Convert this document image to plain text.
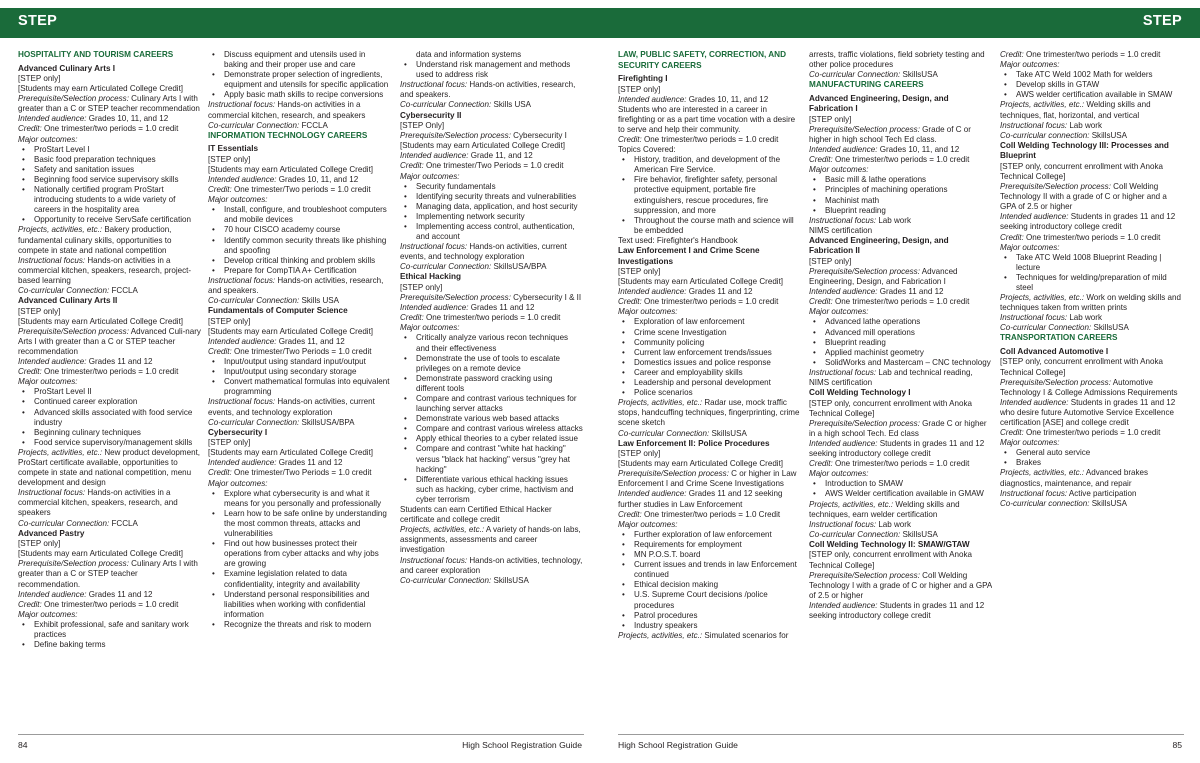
STEP

HOSPITALITY AND TOURISM CAREERS

Advanced Culinary Arts I

[STEP only]

[Students may earn Articulated College Credit]

Prerequisite/Selection process: Culinary Arts I with greater than a C or STEP teacher recommendation

Intended audience: Grades 10, 11, and 12

Credit: One trimester/two periods = 1.0 credit

Major outcomes:

• ProStart Level I
• Basic food preparation techniques
• Safety and sanitation issues
• Beginning food service supervisory skills
• Nationally certified program ProStart introducing students to a wide variety of careers in the hospitality area
• Opportunity to receive ServSafe certification

Projects, activities, etc.: Bakery production, fundamental culinary skills, opportunities to compete in state and national competition

Instructional focus: Hands-on activities in a commercial kitchen, speakers, research, project-based learning

Co-curricular Connection: FCCLA

Advanced Culinary Arts II

[STEP only]

[Students may earn Articulated College Credit]

Prerequisite/Selection process: Advanced Culi-nary Arts I with greater than a C or STEP teacher recommendation

Intended audience: Grades 11 and 12

Credit: One trimester/two periods = 1.0 credit

Major outcomes:

• ProStart Level II
• Continued career exploration
• Advanced skills associated with food service industry
• Beginning culinary techniques
• Food service supervisory/management skills

Projects, activities, etc.: New product development, ProStart certificate available, opportunities to compete in state and national competition, menu development and design

Instructional focus: Hands-on activities in a commercial kitchen, speakers, research, and speakers

Co-curricular Connection: FCCLA

Advanced Pastry

[STEP only]

[Students may earn Articulated College Credit]

Prerequisite/Selection process: Culinary Arts I with greater than a C or STEP teacher recommendation.

Intended audience: Grades 11 and 12

Credit: One trimester/two periods = 1.0 credit

Major outcomes:

• Exhibit professional, safe and sanitary work practices
• Define baking terms
• Discuss equipment and utensils used in baking and their proper use and care
• Demonstrate proper selection of ingredients, equipment and utensils for specific application
• Apply basic math skills to recipe conversions

Instructional focus: Hands-on activities in a commercial kitchen, research, and speakers

Co-curricular Connection: FCCLA

INFORMATION TECHNOLOGY CAREERS

IT Essentials

[STEP only]

[Students may earn Articulated College Credit]

Intended audience: Grades 10, 11, and 12

Credit: One trimester/Two periods = 1.0 credit

Major outcomes:

• Install, configure, and troubleshoot computers and mobile devices
• 70 hour CISCO academy course
• Identify common security threats like phishing and spoofing
• Develop critical thinking and problem skills
• Prepare for CompTIA A+ Certification

Instructional focus: Hands-on activities, research, and speakers.

Co-curricular Connection: Skills USA

Fundamentals of Computer Science

[STEP only]

[Students may earn Articulated College Credit]

Intended audience: Grades 11, and 12

Credit: One trimester/Two Periods = 1.0 credit

• Input/output using standard input/output
• Input/output using secondary storage
• Convert mathematical formulas into equivalent programming

Instructional focus: Hands-on activities, current events, and technology exploration

Co-curricular Connection: SkillsUSA/BPA

Cybersecurity I

[STEP only]

[Students may earn Articulated College Credit]

Intended audience: Grades 11 and 12

Credit: One trimester/Two Periods = 1.0 credit

Major outcomes:

• Explore what cybersecurity is and what it means for you personally and professionally
• Learn how to be safe online by understanding the most common threats, attacks and vulnerabilities
• Find out how businesses protect their operations from cyber attacks and why jobs are growing
• Examine legislation related to data confidentiality, integrity and availability
• Understand personal responsibilities and liabilities when working with confidential information
• Recognize the threats and risk to modern
data and information systems
• Understand risk management and methods used to address risk

Instructional focus: Hands-on activities, research, and speakers.

Co-curricular Connection: Skills USA

Cybersecurity II

[STEP Only]

Prerequisite/Selection process: Cybersecurity I

[Students may earn Articulated College Credit]

Intended audience: Grade 11, and 12

Credit: One trimester/Two Periods = 1.0 credit

Major outcomes:

• Security fundamentals
• Identifying security threats and vulnerabilities
• Managing data, application, and host security
• Implementing network security
• Implementing access control, authentication, and account

Instructional focus: Hands-on activities, current events, and technology exploration

Co-curricular Connection: SkillsUSA/BPA

Ethical Hacking

[STEP only]

Prerequisite/Selection process: Cybersecurity I & II

Intended audience: Grades 11 and 12

Credit: One trimester/two periods = 1.0 credit

Major outcomes:

• Critically analyze various recon techniques and their effectiveness
• Demonstrate the use of tools to escalate privileges on a remote device
• Demonstrate password cracking using different tools
• Compare and contrast various techniques for launching server attacks
• Demonstrate various web based attacks
• Compare and contrast various wireless attacks
• Apply ethical theories to a cyber related issue
• Compare and contrast "white hat hacking" versus "black hat hacking" versus "grey hat hacking"
• Differentiate various ethical hacking issues such as hacking, cyber crime, hactivism and cyber terrorism

Students can earn Certified Ethical Hacker certificate and college credit

Projects, activities, etc.: A variety of hands-on labs, assignments, assessments and career investigation

Instructional focus: Hands-on activities, technology, and career exploration

Co-curricular Connection: SkillsUSA

84	High School Registration Guide
STEP

LAW, PUBLIC SAFETY, CORRECTION, AND SECURITY CAREERS

Firefighting I

[STEP only]

Intended audience: Grades 10, 11, and 12 Students who are interested in a career in firefighting or as a part time vocation with a desire to serve and help their community.

Credit: One trimester/two periods = 1.0 credit

Topics Covered:

• History, tradition, and development of the American Fire Service.
• Fire behavior, firefighter safety, personal protective equipment, portable fire extinguishers, rescue procedures, fire suppression, and more
• Throughout the course math and science will be embedded

Text used: Firefighter's Handbook

Law Enforcement I and Crime Scene Investigations

[STEP only]

[Students may earn Articulated College Credit]

Intended audience: Grades 11 and 12

Credit: One trimester/two periods = 1.0 credit

Major outcomes:

• Exploration of law enforcement
• Crime scene Investigation
• Community policing
• Current law enforcement trends/issues
• Domestics issues and police response
• Career and employability skills
• Leadership and personal development
• Police scenarios

Projects, activities, etc.: Radar use, mock traffic stops, handcuffing techniques, fingerprinting, crime scene sketch

Co-curricular Connection: SkillsUSA

Law Enforcement II: Police Procedures

[STEP only]

[Students may earn Articulated College Credit]

Prerequisite/Selection process: C or higher in Law Enforcement I and Crime Scene Investigations

Intended audience: Grades 11 and 12 seeking further studies in Law Enforcement

Credit: One trimester/two periods = 1.0 Credit

Major outcomes:

• Further exploration of law enforcement
• Requirements for employment
• MN P.O.S.T. board
• Current issues and trends in law Enforcement continued
• Ethical decision making
• U.S. Supreme Court decisions /police procedures
• Patrol procedures
• Industry speakers

Projects, activities, etc.: Simulated scenarios for

arrests, traffic violations, field sobriety testing and other police procedures

Co-curricular Connection: SkillsUSA

MANUFACTURING CAREERS

Advanced Engineering, Design, and Fabrication I

[STEP only]

Prerequisite/Selection process: Grade of C or higher in high school Tech Ed class.

Intended audience: Grades 10, 11, and 12

Credit: One trimester/two periods = 1.0 credit

Major outcomes:

• Basic mill & lathe operations
• Principles of machining operations
• Machinist math
• Blueprint reading

Instructional focus: Lab work

NIMS certification

Advanced Engineering, Design, and Fabrication II

[STEP only]

Prerequisite/Selection process: Advanced Engineering, Design, and Fabrication I

Intended audience: Grades 11 and 12

Credit: One trimester/two periods = 1.0 credit

Major outcomes:

• Advanced lathe operations
• Advanced mill operations
• Blueprint reading
• Applied machinist geometry
• SolidWorks and Mastercam – CNC technology

Instructional focus: Lab and technical reading, NIMS certification

Coll Welding Technology I

[STEP only, concurrent enrollment with Anoka Technical College]

Prerequisite/Selection process: Grade C or higher in a high school Tech. Ed class

Intended audience: Students in grades 11 and 12 seeking introductory college credit

Credit: One trimester/two periods = 1.0 credit

Major outcomes:

• Introduction to SMAW
• AWS Welder certification available in GMAW

Projects, activities, etc.: Welding skills and techniques, earn welder certification

Instructional focus: Lab work

Co-curricular Connection: SkillsUSA

Coll Welding Technology II: SMAW/GTAW

[STEP only, concurrent enrollment with Anoka Technical College]

Prerequisite/Selection process: Coll Welding Technology I with a grade of C or higher and a GPA of 2.5 or higher

Intended audience: Students in grades 11 and 12 seeking introductory college credit

Credit: One trimester/two periods = 1.0 credit

Major outcomes:

• Take ATC Weld 1002 Math for welders
• Develop skills in GTAW
• AWS welder certification available in SMAW

Projects, activities, etc.: Welding skills and techniques, flat, horizontal, and vertical

Instructional focus: Lab work

Co-curricular connection: SkillsUSA

Coll Welding Technology III: Processes and Blueprint

[STEP only, concurrent enrollment with Anoka Technical College]

Prerequisite/Selection process: Coll Welding Technology II with a grade of C or higher and a GPA of 2.5 or higher

Intended audience: Students in grades 11 and 12 seeking introductory college credit

Credit: One trimester/two periods = 1.0 credit

Major outcomes:

• Take ATC Weld 1008 Blueprint Reading | lecture
• Techniques for welding/preparation of mild steel

Projects, activities, etc.: Work on welding skills and techniques taken from written prints

Instructional focus: Lab work

Co-curricular Connection: SkillsUSA

TRANSPORTATION CAREERS

Coll Advanced Automotive I

[STEP only, concurrent enrollment with Anoka Technical College]

Prerequisite/Selection process: Automotive Technology I & College Admissions Requirements

Intended audience: Students in grades 11 and 12 who desire future Automotive Service Excellence certification [ASE] and college credit

Credit: One trimester/two periods = 1.0 credit

Major outcomes:

• General auto service
• Brakes

Projects, activities, etc.: Advanced brakes diagnostics, maintenance, and repair

Instructional focus: Active participation

Co-curricular connection: SkillsUSA

High School Registration Guide	85
